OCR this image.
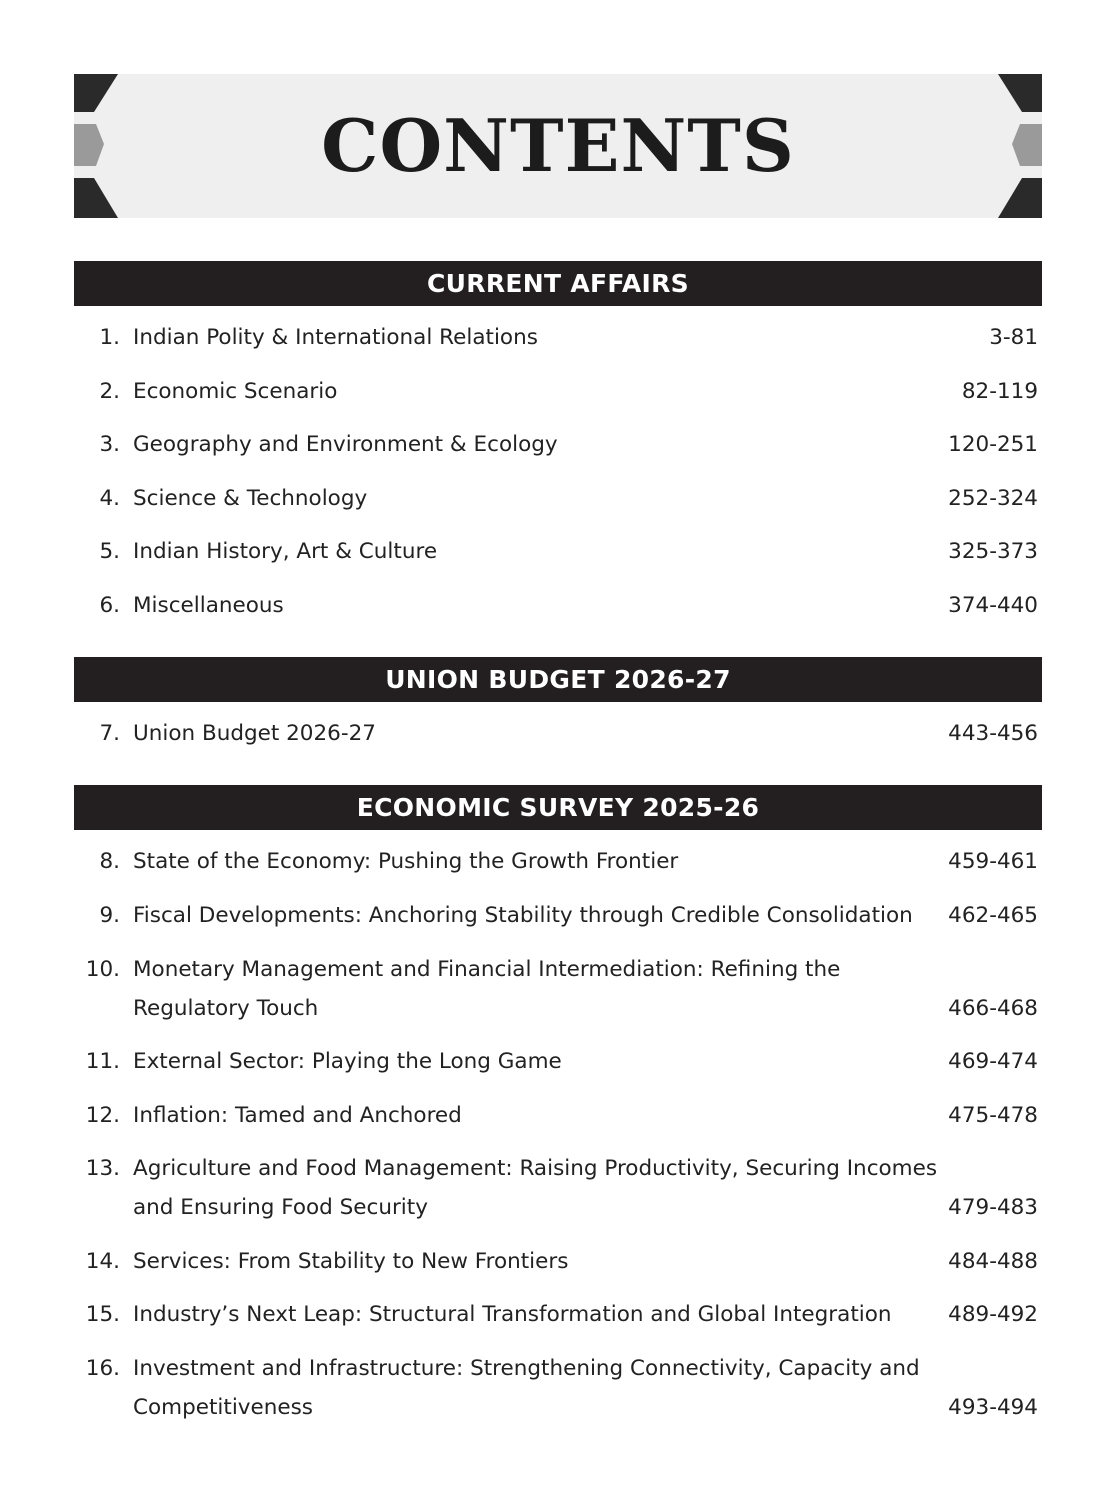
CONTENTS
CURRENT AFFAIRS
1. Indian Polity & International Relations	3-81
2. Economic Scenario	82-119
3. Geography and Environment & Ecology	120-251
4. Science & Technology	252-324
5. Indian History, Art & Culture	325-373
6. Miscellaneous	374-440
UNION BUDGET 2026-27
7. Union Budget 2026-27	443-456
ECONOMIC SURVEY 2025-26
8. State of the Economy: Pushing the Growth Frontier	459-461
9. Fiscal Developments: Anchoring Stability through Credible Consolidation	462-465
10. Monetary Management and Financial Intermediation: Refining the Regulatory Touch	466-468
11. External Sector: Playing the Long Game	469-474
12. Inflation: Tamed and Anchored	475-478
13. Agriculture and Food Management: Raising Productivity, Securing Incomes and Ensuring Food Security	479-483
14. Services: From Stability to New Frontiers	484-488
15. Industry’s Next Leap: Structural Transformation and Global Integration	489-492
16. Investment and Infrastructure: Strengthening Connectivity, Capacity and Competitiveness	493-494
